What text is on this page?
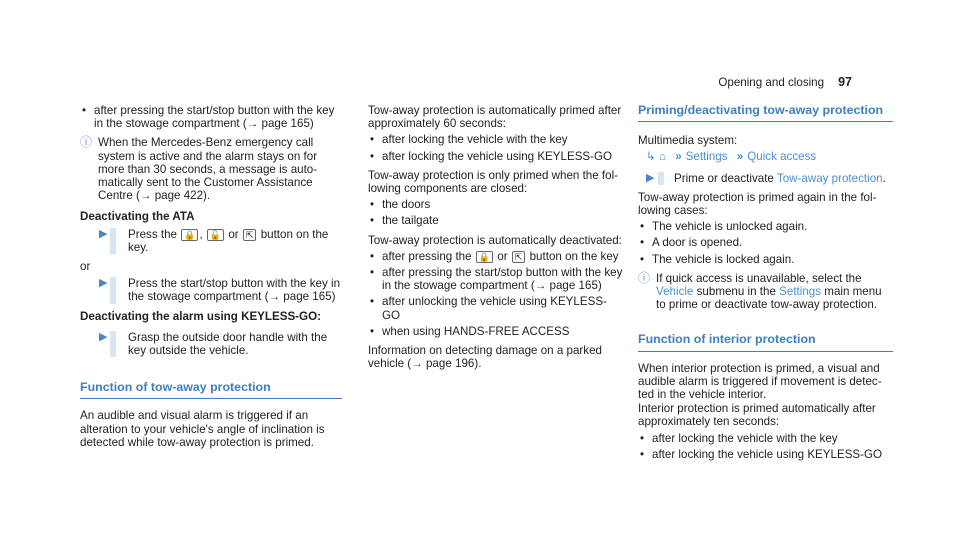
Opening and closing 97
• after pressing the start/stop button with the key in the stowage compartment (→ page 165)
ⓘ When the Mercedes-Benz emergency call system is active and the alarm stays on for more than 30 seconds, a message is automatically sent to the Customer Assistance Centre (→ page 422).
Deactivating the ATA
▶ Press the 🔒 , 🔓 or ⇱ button on the key.

or

▶ Press the start/stop button with the key in the stowage compartment (→ page 165)
Deactivating the alarm using KEYLESS-GO:
▶ Grasp the outside door handle with the key outside the vehicle.
Function of tow-away protection

An audible and visual alarm is triggered if an alteration to your vehicle's angle of inclination is detected while tow-away protection is primed.

Tow-away protection is automatically primed after approximately 60 seconds:

• after locking the vehicle with the key
• after locking the vehicle using KEYLESS-GO

Tow-away protection is only primed when the following components are closed:

• the doors
• the tailgate

Tow-away protection is automatically deactivated:

• after pressing the 🔒 or ⇱ button on the key
• after pressing the start/stop button with the key in the stowage compartment (→ page 165)
• after unlocking the vehicle using KEYLESS-GO
• when using HANDS-FREE ACCESS

Information on detecting damage on a parked vehicle (→ page 196).

Priming/deactivating tow-away protection

Multimedia system:

↳ ⌂ » Settings » Quick access
▶ Prime or deactivate Tow-away protection.

Tow-away protection is primed again in the following cases:

• The vehicle is unlocked again.
• A door is opened.
• The vehicle is locked again.
ⓘ If quick access is unavailable, select the Vehicle submenu in the Settings main menu to prime or deactivate tow-away protection.
Function of interior protection

When interior protection is primed, a visual and audible alarm is triggered if movement is detected in the vehicle interior.

Interior protection is primed automatically after approximately ten seconds:

• after locking the vehicle with the key
• after locking the vehicle using KEYLESS-GO
